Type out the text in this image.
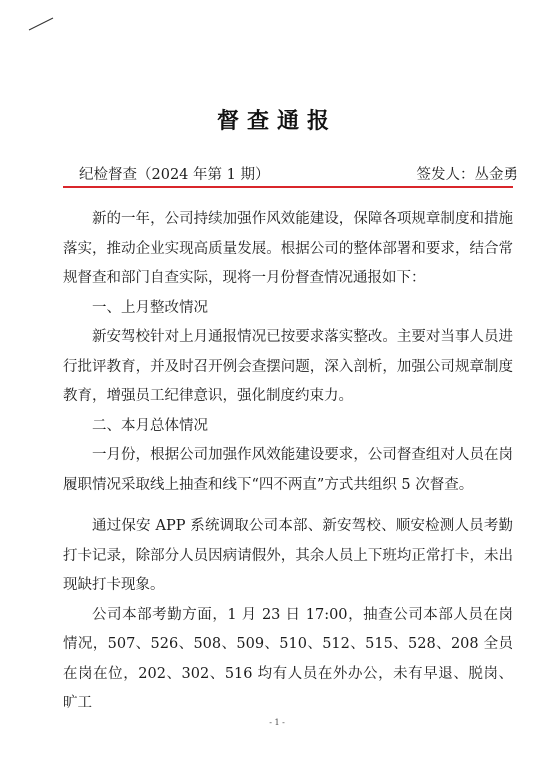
督查通报
纪检督查（2024 年第 1 期）	签发人：丛金勇

新的一年，公司持续加强作风效能建设，保障各项规章制度和措施落实，推动企业实现高质量发展。根据公司的整体部署和要求，结合常规督查和部门自查实际，现将一月份督查情况通报如下：

一、上月整改情况

新安驾校针对上月通报情况已按要求落实整改。主要对当事人员进行批评教育，并及时召开例会查摆问题，深入剖析，加强公司规章制度教育，增强员工纪律意识，强化制度约束力。

二、本月总体情况

一月份，根据公司加强作风效能建设要求，公司督查组对人员在岗履职情况采取线上抽查和线下“四不两直”方式共组织 5 次督查。

通过保安 APP 系统调取公司本部、新安驾校、顺安检测人员考勤打卡记录，除部分人员因病请假外，其余人员上下班均正常打卡，未出现缺打卡现象。

公司本部考勤方面，1 月 23 日 17:00，抽查公司本部人员在岗情况，507、526、508、509、510、512、515、528、208 全员在岗在位，202、302、516 均有人员在外办公，未有早退、脱岗、旷工

- 1 -
